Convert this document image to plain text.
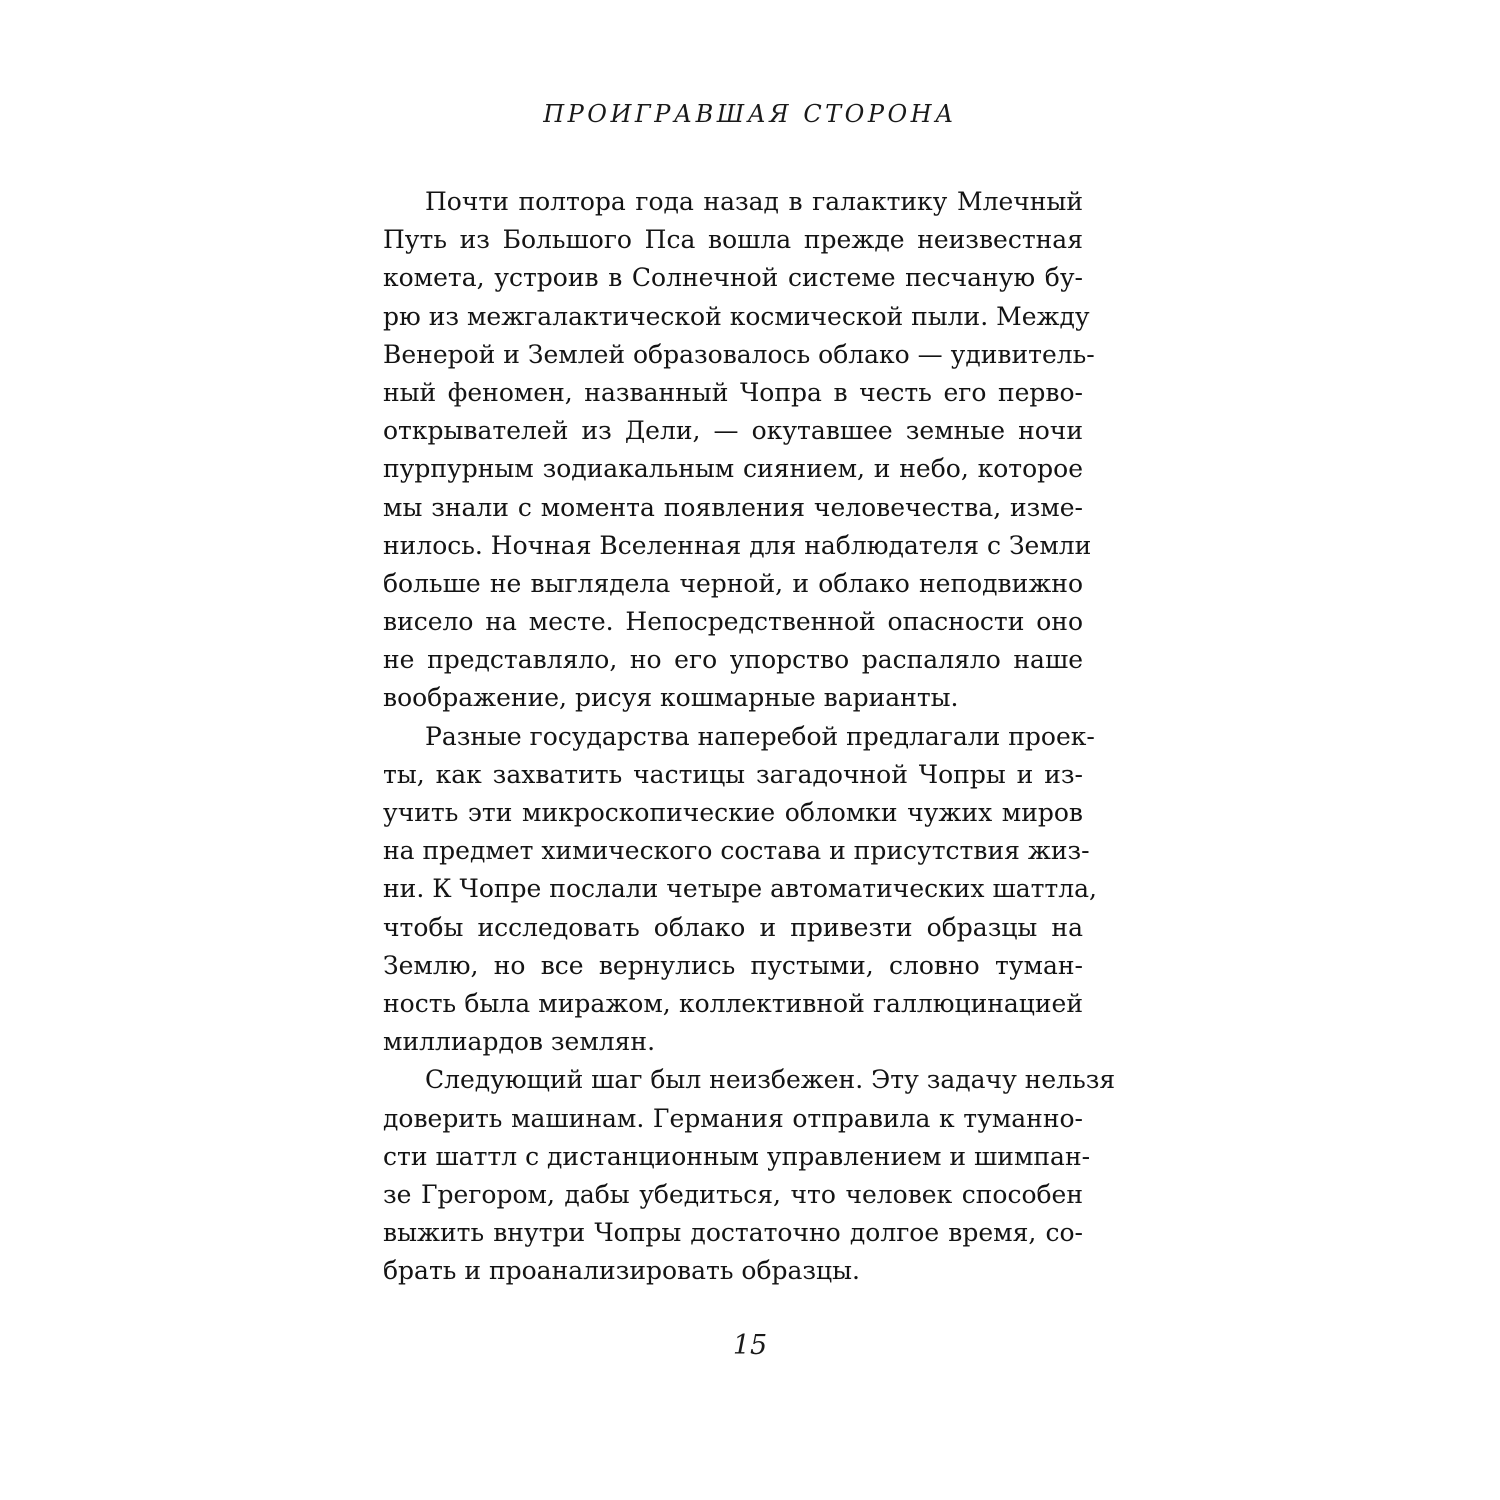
ПРОИГРАВШАЯ СТОРОНА
Почти полтора года назад в галактику Млечный
Путь из Большого Пса вошла прежде неизвестная
комета, устроив в Солнечной системе песчаную бу-
рю из межгалактической космической пыли. Между
Венерой и Землей образовалось облако — удивитель-
ный феномен, названный Чопра в честь его перво-
открывателей из Дели, — окутавшее земные ночи
пурпурным зодиакальным сиянием, и небо, которое
мы знали с момента появления человечества, изме-
нилось. Ночная Вселенная для наблюдателя с Земли
больше не выглядела черной, и облако неподвижно
висело на месте. Непосредственной опасности оно
не представляло, но его упорство распаляло наше
воображение, рисуя кошмарные варианты.
Разные государства наперебой предлагали проек-
ты, как захватить частицы загадочной Чопры и из-
учить эти микроскопические обломки чужих миров
на предмет химического состава и присутствия жиз-
ни. К Чопре послали четыре автоматических шаттла,
чтобы исследовать облако и привезти образцы на
Землю, но все вернулись пустыми, словно туман-
ность была миражом, коллективной галлюцинацией
миллиардов землян.
Следующий шаг был неизбежен. Эту задачу нельзя
доверить машинам. Германия отправила к туманно-
сти шаттл с дистанционным управлением и шимпан-
зе Грегором, дабы убедиться, что человек способен
выжить внутри Чопры достаточно долгое время, со-
брать и проанализировать образцы.
15
